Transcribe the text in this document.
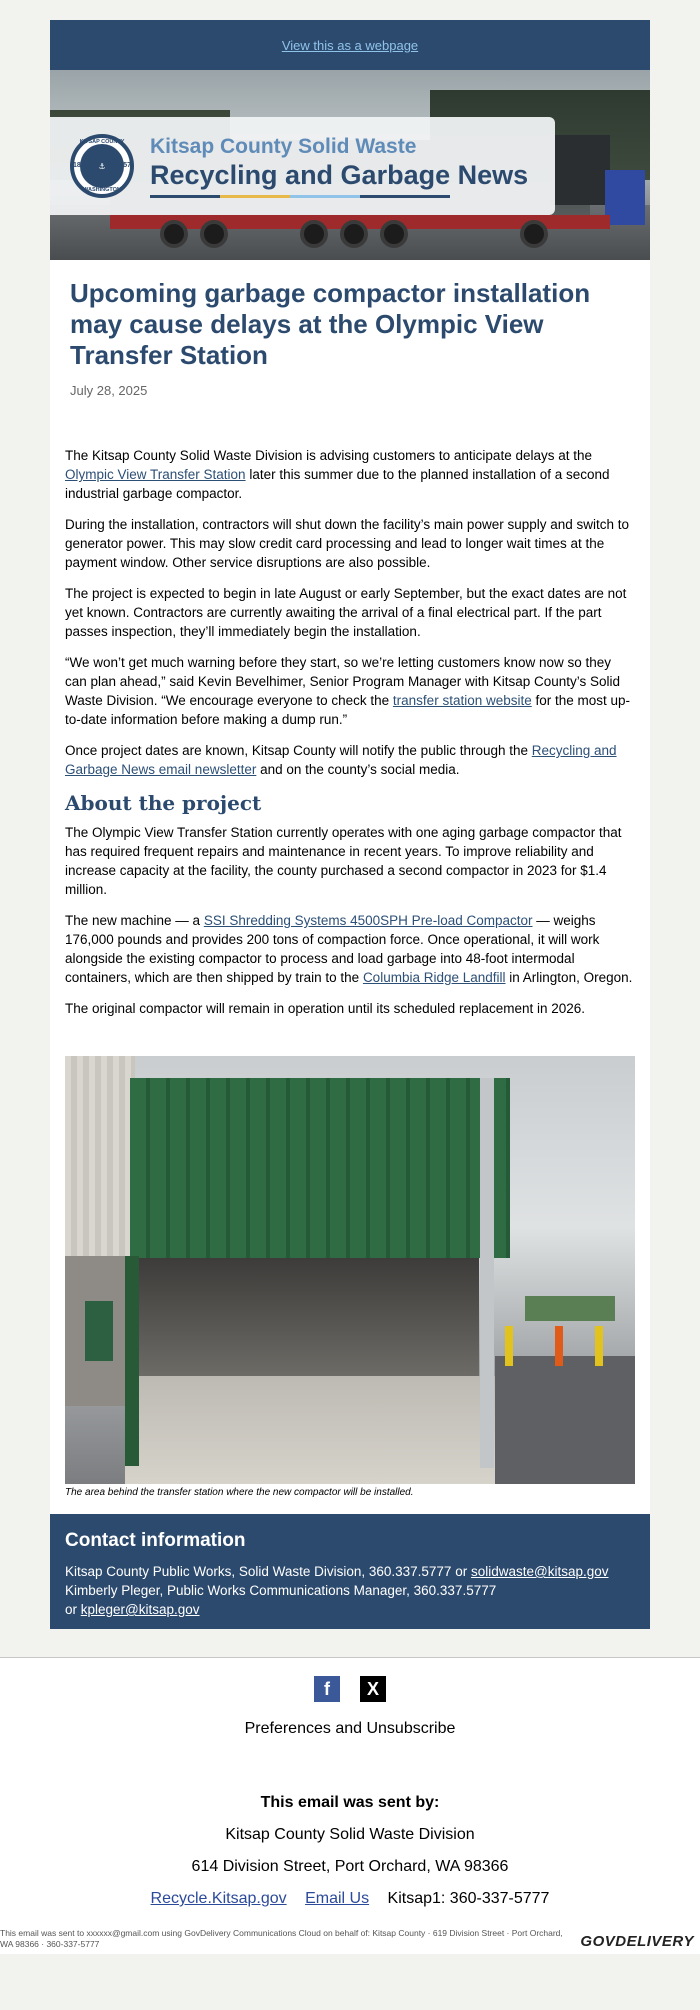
View this as a webpage
KITSAP COUNTY
18	⚓	57
WASHINGTON
Kitsap County Solid Waste
Recycling and Garbage News
Upcoming garbage compactor installation may cause delays at the Olympic View Transfer Station
July 28, 2025

The Kitsap County Solid Waste Division is advising customers to anticipate delays at the Olympic View Transfer Station later this summer due to the planned installation of a second industrial garbage compactor.

During the installation, contractors will shut down the facility’s main power supply and switch to generator power. This may slow credit card processing and lead to longer wait times at the payment window. Other service disruptions are also possible.

The project is expected to begin in late August or early September, but the exact dates are not yet known. Contractors are currently awaiting the arrival of a final electrical part. If the part passes inspection, they’ll immediately begin the installation.

“We won’t get much warning before they start, so we’re letting customers know now so they can plan ahead,” said Kevin Bevelhimer, Senior Program Manager with Kitsap County’s Solid Waste Division. “We encourage everyone to check the transfer station website for the most up-to-date information before making a dump run.”

Once project dates are known, Kitsap County will notify the public through the Recycling and Garbage News email newsletter and on the county’s social media.

About the project

The Olympic View Transfer Station currently operates with one aging garbage compactor that has required frequent repairs and maintenance in recent years. To improve reliability and increase capacity at the facility, the county purchased a second compactor in 2023 for $1.4 million.

The new machine — a SSI Shredding Systems 4500SPH Pre-load Compactor — weighs 176,000 pounds and provides 200 tons of compaction force. Once operational, it will work alongside the existing compactor to process and load garbage into 48-foot intermodal containers, which are then shipped by train to the Columbia Ridge Landfill in Arlington, Oregon.

The original compactor will remain in operation until its scheduled replacement in 2026.

The area behind the transfer station where the new compactor will be installed.
Contact information

Kitsap County Public Works, Solid Waste Division, 360.337.5777 or solidwaste@kitsap.gov

Kimberly Pleger, Public Works Communications Manager, 360.337.5777

or kpleger@kitsap.gov

f	X
Preferences and Unsubscribe
This email was sent by:
Kitsap County Solid Waste Division
614 Division Street, Port Orchard, WA 98366
Recycle.Kitsap.gov Email Us Kitsap1: 360-337-5777

This email was sent to xxxxxx@gmail.com using GovDelivery Communications Cloud on behalf of: Kitsap County · 619 Division Street · Port Orchard, WA 98366 · 360-337-5777	GOVDELIVERY
